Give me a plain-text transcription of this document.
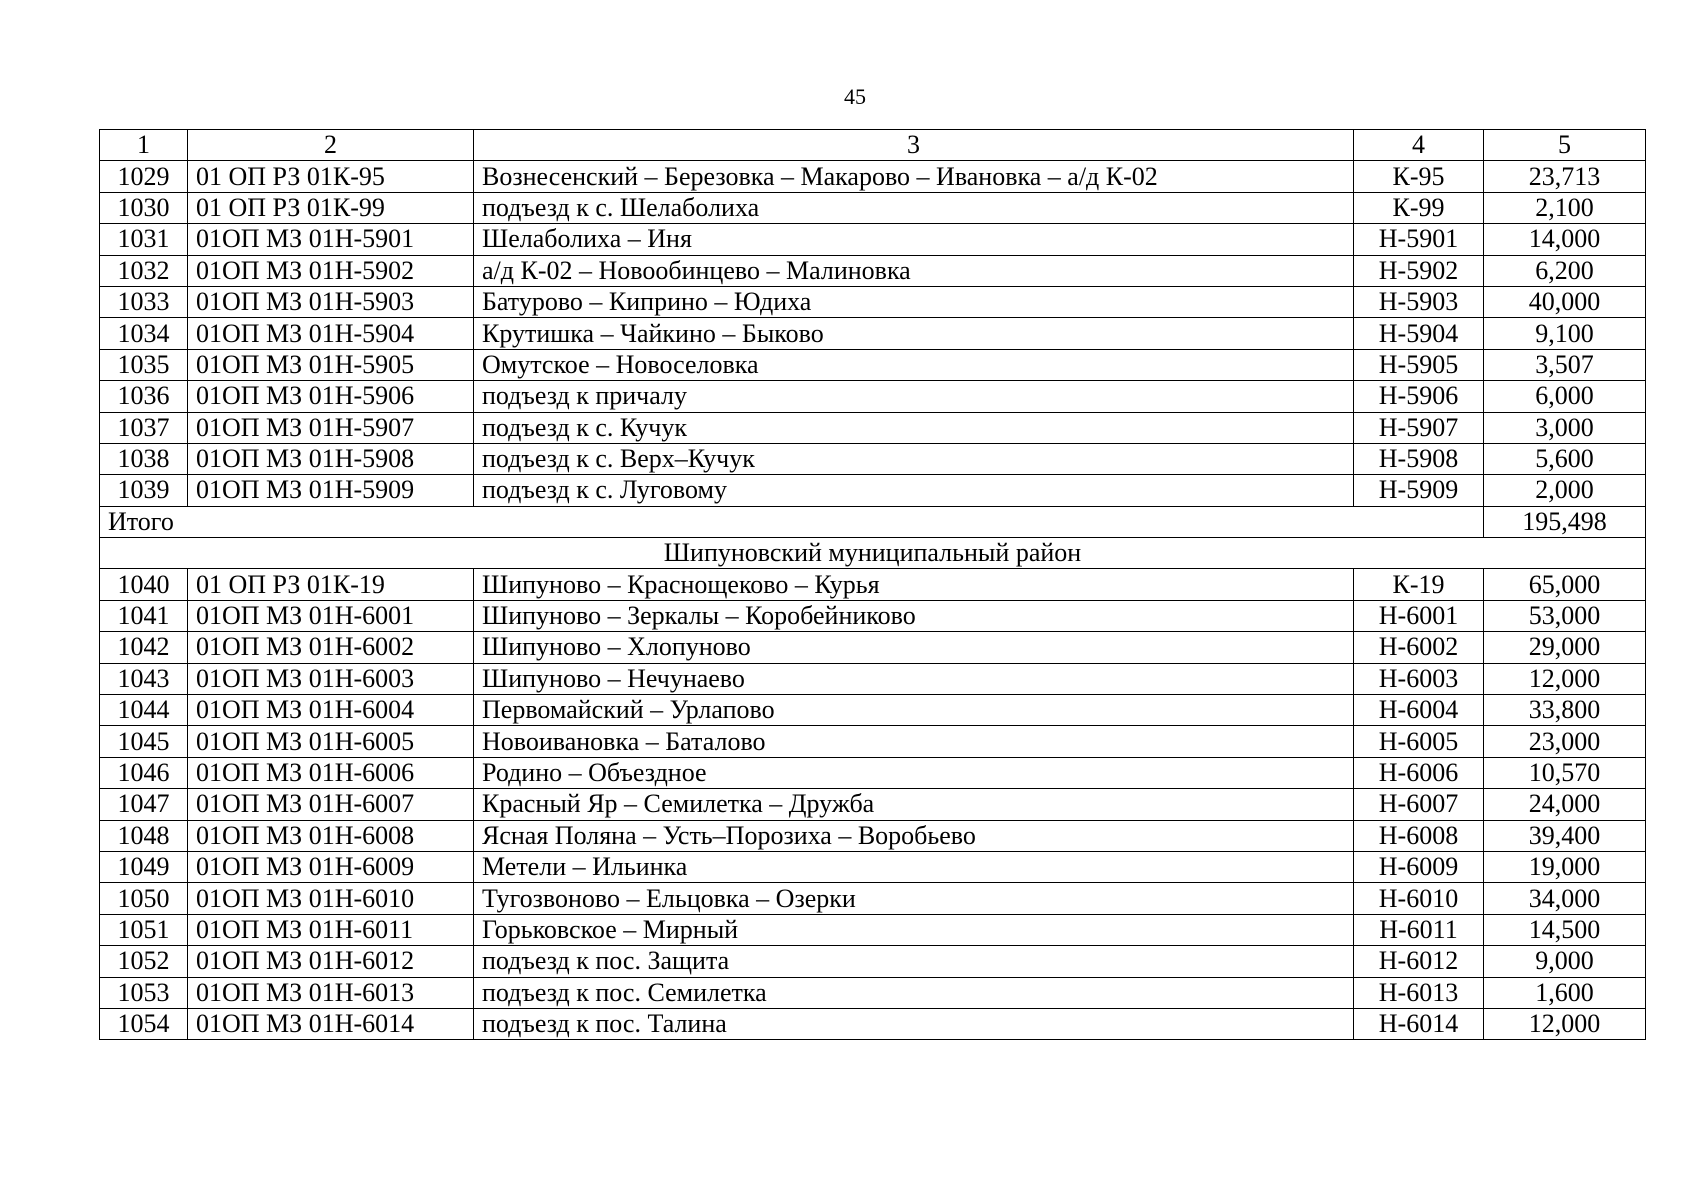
45
1	2	3	4	5
1029	01 ОП РЗ 01К-95	Вознесенский – Березовка – Макарово – Ивановка – а/д К-02	К-95	23,713
1030	01 ОП РЗ 01К-99	подъезд к с. Шелаболиха	К-99	2,100
1031	01ОП МЗ 01Н-5901	Шелаболиха – Иня	Н-5901	14,000
1032	01ОП МЗ 01Н-5902	а/д К-02 – Новообинцево – Малиновка	Н-5902	6,200
1033	01ОП МЗ 01Н-5903	Батурово – Киприно – Юдиха	Н-5903	40,000
1034	01ОП МЗ 01Н-5904	Крутишка – Чайкино – Быково	Н-5904	9,100
1035	01ОП МЗ 01Н-5905	Омутское – Новоселовка	Н-5905	3,507
1036	01ОП МЗ 01Н-5906	подъезд к причалу	Н-5906	6,000
1037	01ОП МЗ 01Н-5907	подъезд к с. Кучук	Н-5907	3,000
1038	01ОП МЗ 01Н-5908	подъезд к с. Верх–Кучук	Н-5908	5,600
1039	01ОП МЗ 01Н-5909	подъезд к с. Луговому	Н-5909	2,000
Итого				195,498
Шипуновский муниципальный район				
1040	01 ОП РЗ 01К-19	Шипуново – Краснощеково – Курья	К-19	65,000
1041	01ОП МЗ 01Н-6001	Шипуново – Зеркалы – Коробейниково	Н-6001	53,000
1042	01ОП МЗ 01Н-6002	Шипуново – Хлопуново	Н-6002	29,000
1043	01ОП МЗ 01Н-6003	Шипуново – Нечунаево	Н-6003	12,000
1044	01ОП МЗ 01Н-6004	Первомайский – Урлапово	Н-6004	33,800
1045	01ОП МЗ 01Н-6005	Новоивановка – Баталово	Н-6005	23,000
1046	01ОП МЗ 01Н-6006	Родино – Объездное	Н-6006	10,570
1047	01ОП МЗ 01Н-6007	Красный Яр – Семилетка – Дружба	Н-6007	24,000
1048	01ОП МЗ 01Н-6008	Ясная Поляна – Усть–Порозиха – Воробьево	Н-6008	39,400
1049	01ОП МЗ 01Н-6009	Метели – Ильинка	Н-6009	19,000
1050	01ОП МЗ 01Н-6010	Тугозвоново – Ельцовка – Озерки	Н-6010	34,000
1051	01ОП МЗ 01Н-6011	Горьковское – Мирный	Н-6011	14,500
1052	01ОП МЗ 01Н-6012	подъезд к пос. Защита	Н-6012	9,000
1053	01ОП МЗ 01Н-6013	подъезд к пос. Семилетка	Н-6013	1,600
1054	01ОП МЗ 01Н-6014	подъезд к пос. Талина	Н-6014	12,000
